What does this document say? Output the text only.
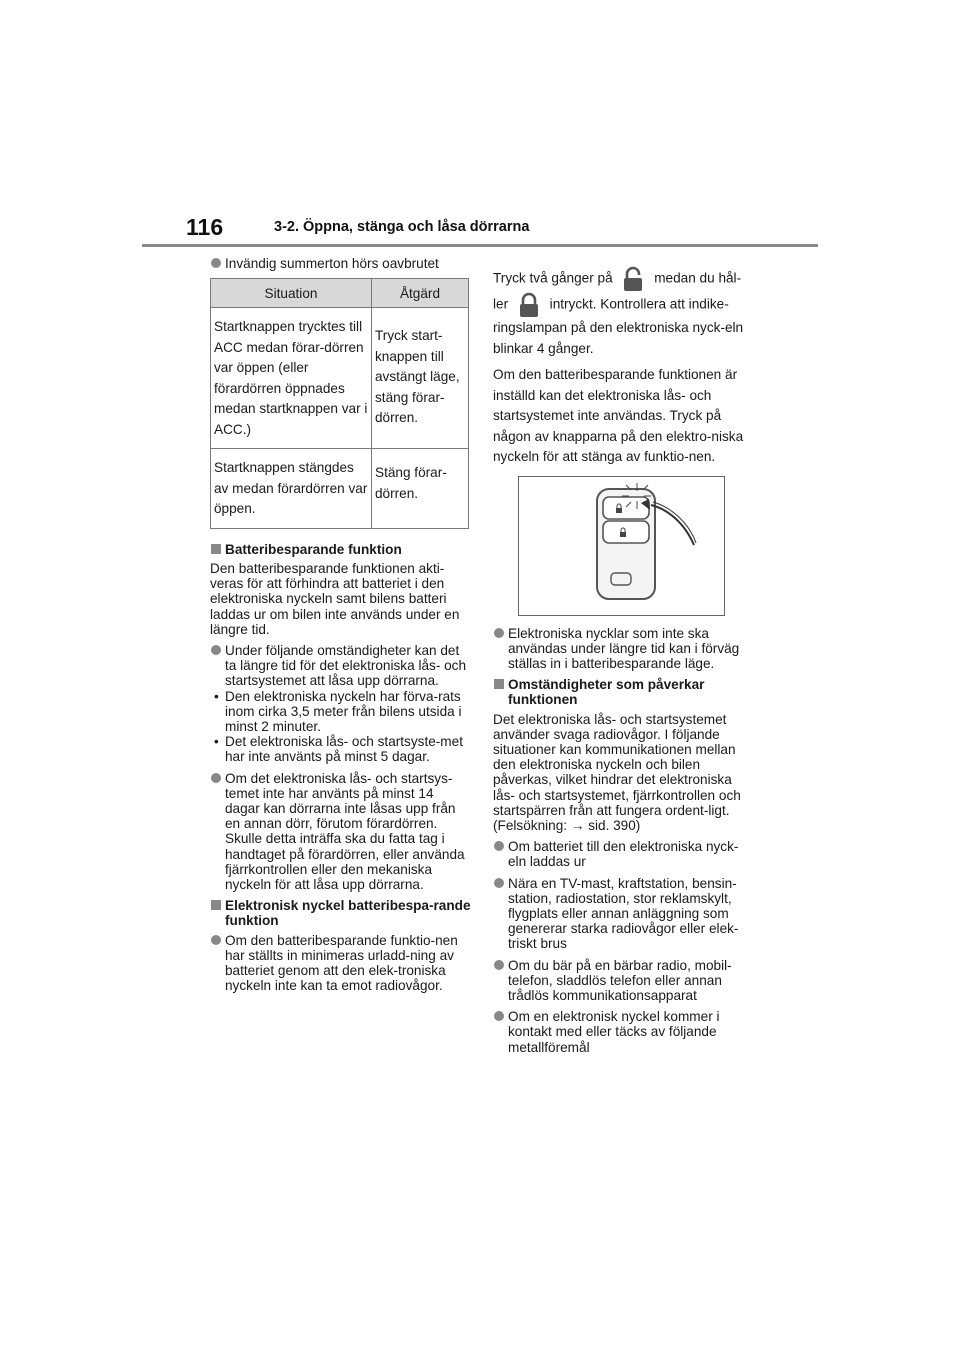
116	3-2. Öppna, stänga och låsa dörrarna
Invändig summerton hörs oavbrutet
Situation	Åtgärd
Startknappen trycktes till ACC medan förar-dörren var öppen (eller förardörren öppnades medan startknappen var i ACC.)	Tryck start-knappen till avstängt läge, stäng förar-dörren.
Startknappen stängdes av medan förardörren var öppen.	Stäng förar-dörren.
Batteribesparande funktion
Den batteribesparande funktionen akti-veras för att förhindra att batteriet i den elektroniska nyckeln samt bilens batteri laddas ur om bilen inte används under en längre tid.
Under följande omständigheter kan det ta längre tid för det elektroniska lås- och startsystemet att låsa upp dörrarna.
• Den elektroniska nyckeln har förva-rats inom cirka 3,5 meter från bilens utsida i minst 2 minuter.
• Det elektroniska lås- och startsyste-met har inte använts på minst 5 dagar.
Om det elektroniska lås- och startsys-temet inte har använts på minst 14 dagar kan dörrarna inte låsas upp från en annan dörr, förutom förardörren. Skulle detta inträffa ska du fatta tag i handtaget på förardörren, eller använda fjärrkontrollen eller den mekaniska nyckeln för att låsa upp dörrarna.
Elektronisk nyckel batteribespa-rande funktion
Om den batteribesparande funktio-nen har ställts in minimeras urladd-ning av batteriet genom att den elek-troniska nyckeln inte kan ta emot radiovågor.
Tryck två gånger på	medan du hål-ler	intryckt. Kontrollera att indike-ringslampan på den elektroniska nyck-eln blinkar 4 gånger.
Om den batteribesparande funktionen är inställd kan det elektroniska lås- och startsystemet inte användas. Tryck på någon av knapparna på den elektro-niska nyckeln för att stänga av funktio-nen.
Elektroniska nycklar som inte ska användas under längre tid kan i förväg ställas in i batteribesparande läge.
Omständigheter som påverkar funktionen
Det elektroniska lås- och startsystemet använder svaga radiovågor. I följande situationer kan kommunikationen mellan den elektroniska nyckeln och bilen påverkas, vilket hindrar det elektroniska lås- och startsystemet, fjärrkontrollen och startspärren från att fungera ordent-ligt. (Felsökning: → sid. 390)
Om batteriet till den elektroniska nyck-eln laddas ur
Nära en TV-mast, kraftstation, bensin-station, radiostation, stor reklamskylt, flygplats eller annan anläggning som genererar starka radiovågor eller elek-triskt brus
Om du bär på en bärbar radio, mobil-telefon, sladdlös telefon eller annan trådlös kommunikationsapparat
Om en elektronisk nyckel kommer i kontakt med eller täcks av följande metallföremål
